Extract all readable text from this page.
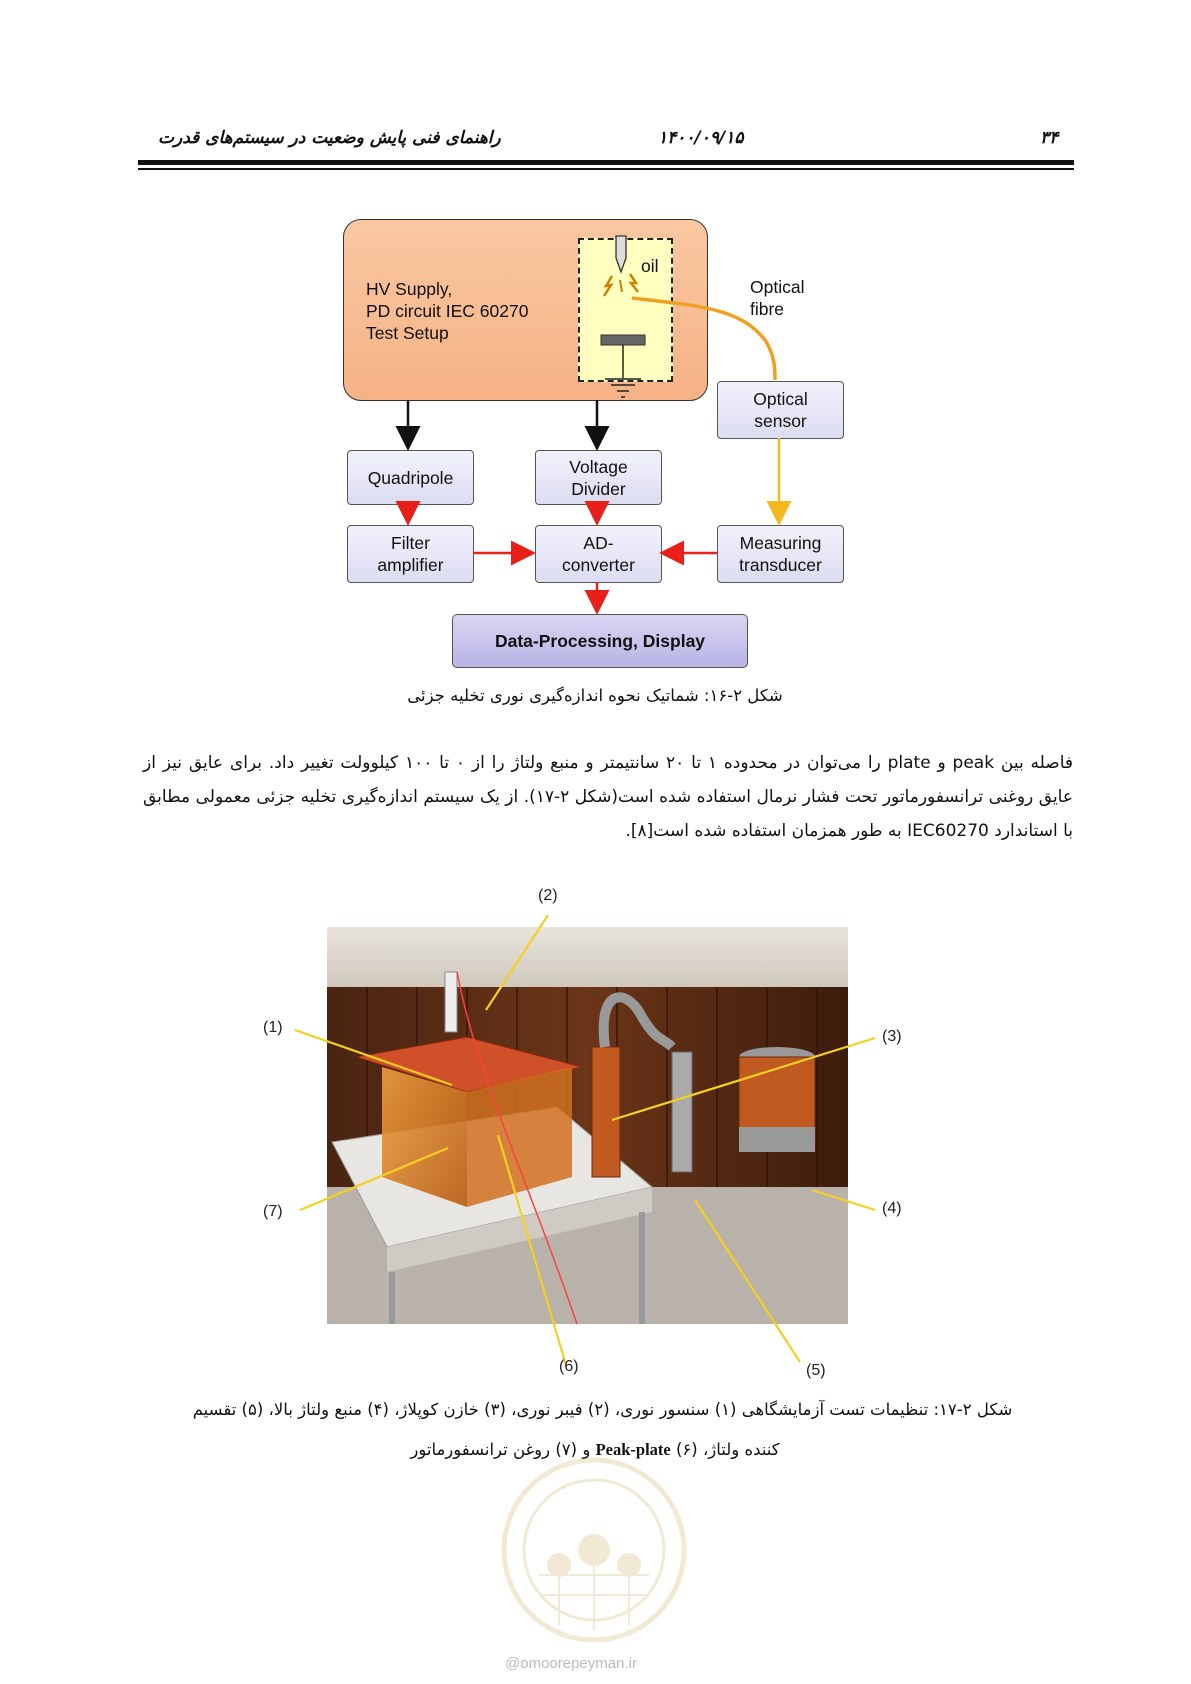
۳۴
۱۴۰۰/۰۹/۱۵
راهنمای فنی پایش وضعیت در سیستم‌های قدرت
HV Supply,
PD circuit IEC 60270
Test Setup
oil
Optical
fibre
Optical
sensor
Quadripole
Voltage
Divider
Filter
amplifier
AD-
converter
Measuring
transducer
Data-Processing, Display
شکل ۲-۱۶: شماتیک نحوه اندازه‌گیری نوری تخلیه جزئی
فاصله بین peak و plate را می‌توان در محدوده ۱ تا ۲۰ سانتیمتر و منبع ولتاژ را از ۰ تا ۱۰۰ کیلوولت تغییر داد. برای عایق نیز از عایق روغنی ترانسفورماتور تحت فشار نرمال استفاده شده است(شکل ۲-۱۷). از یک سیستم اندازه‌گیری تخلیه جزئی معمولی مطابق با استاندارد IEC60270 به طور همزمان استفاده شده است[۸].
(1)
(2)
(3)
(4)
(5)
(6)
(7)
شکل ۲-۱۷: تنظیمات تست آزمایشگاهی (۱) سنسور نوری، (۲) فیبر نوری، (۳) خازن کوپلاژ، (۴) منبع ولتاژ بالا، (۵) تقسیم
کننده ولتاژ، (۶) Peak-plate و (۷) روغن ترانسفورماتور
@omoorepeyman.ir
